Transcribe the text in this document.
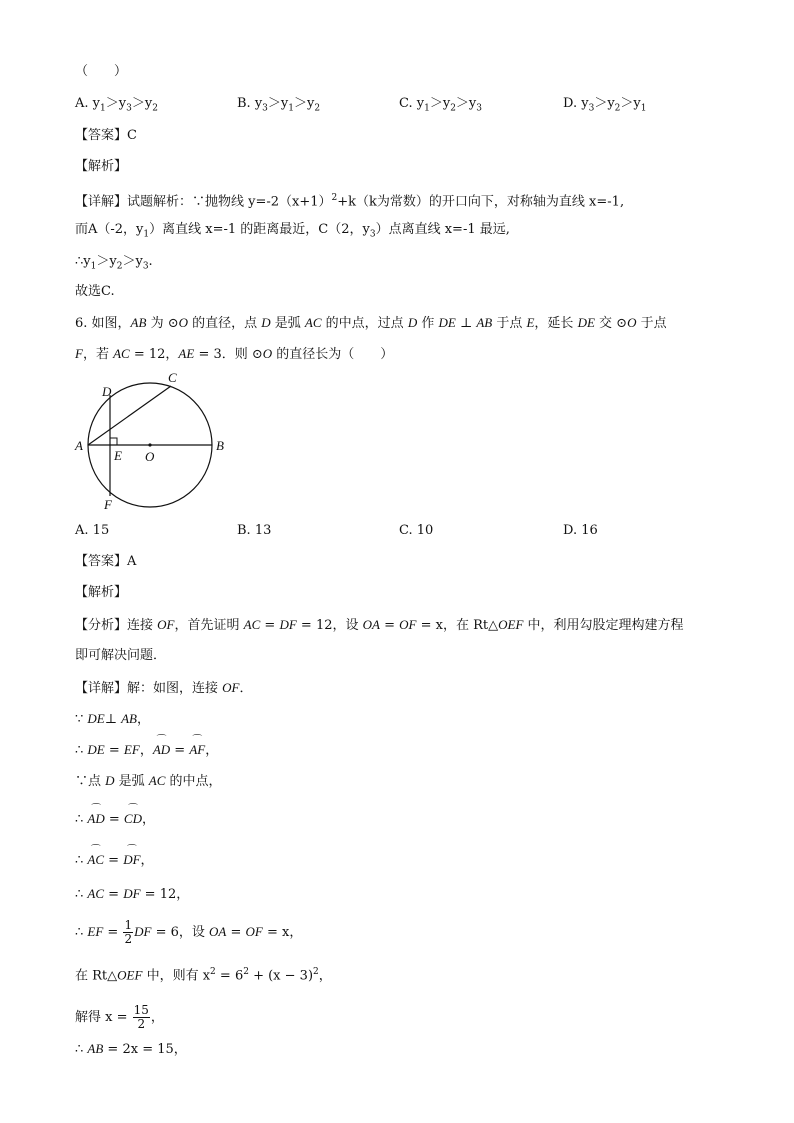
（　　）
A. $y_1>y_3>y_2$	B. $y_3>y_1>y_2$	C. $y_1>y_2>y_3$	D. $y_3>y_2>y_1$
【答案】C
【解析】
【详解】试题解析：∵抛物线 $y=-2(x+1)^2+k(k$为常数）的开口向下，对称轴为直线 x=-1,
而A（-2，$y_1$）离直线 x=-1 的距离最近，C（2，$y_3$）点离直线 x=-1 最远,
$\therefore y_1>y_2>y_3$.
故选C.
6. 如图，AB 为 ⊙O 的直径，点 D 是弧 AC 的中点，过点 D 作 DE ⊥ AB 于点 E，延长 DE 交 ⊙O 于点
F，若 AC = 12，AE = 3．则 ⊙O 的直径长为（　　）
A	B
C
D
E O
F
A. 15	B. 13	C. 10	D. 16
【答案】A
【解析】
【分析】连接 OF，首先证明 AC = DF = 12，设 OA = OF = x，在 Rt△OEF 中，利用勾股定理构建方程
即可解决问题．
【详解】解：如图，连接 OF．
∵ DE⊥ AB，
∴ DE = EF，⌒ AD = ⌒ AF，
∵点 D 是弧 AC 的中点，
∴ ⌒ AD = ⌒ CD，
∴ ⌒ AC = ⌒ DF，
∴ AC = DF = 12，
∴ EF = $\frac{1}{2}$ DF = 6，设 OA = OF = x，
在 Rt△OEF 中，则有 $x^2 = 6^2 + (x - 3)^2$，
解得 $x = \frac{15}{2}$ ，
∴ AB = 2x = 15，
